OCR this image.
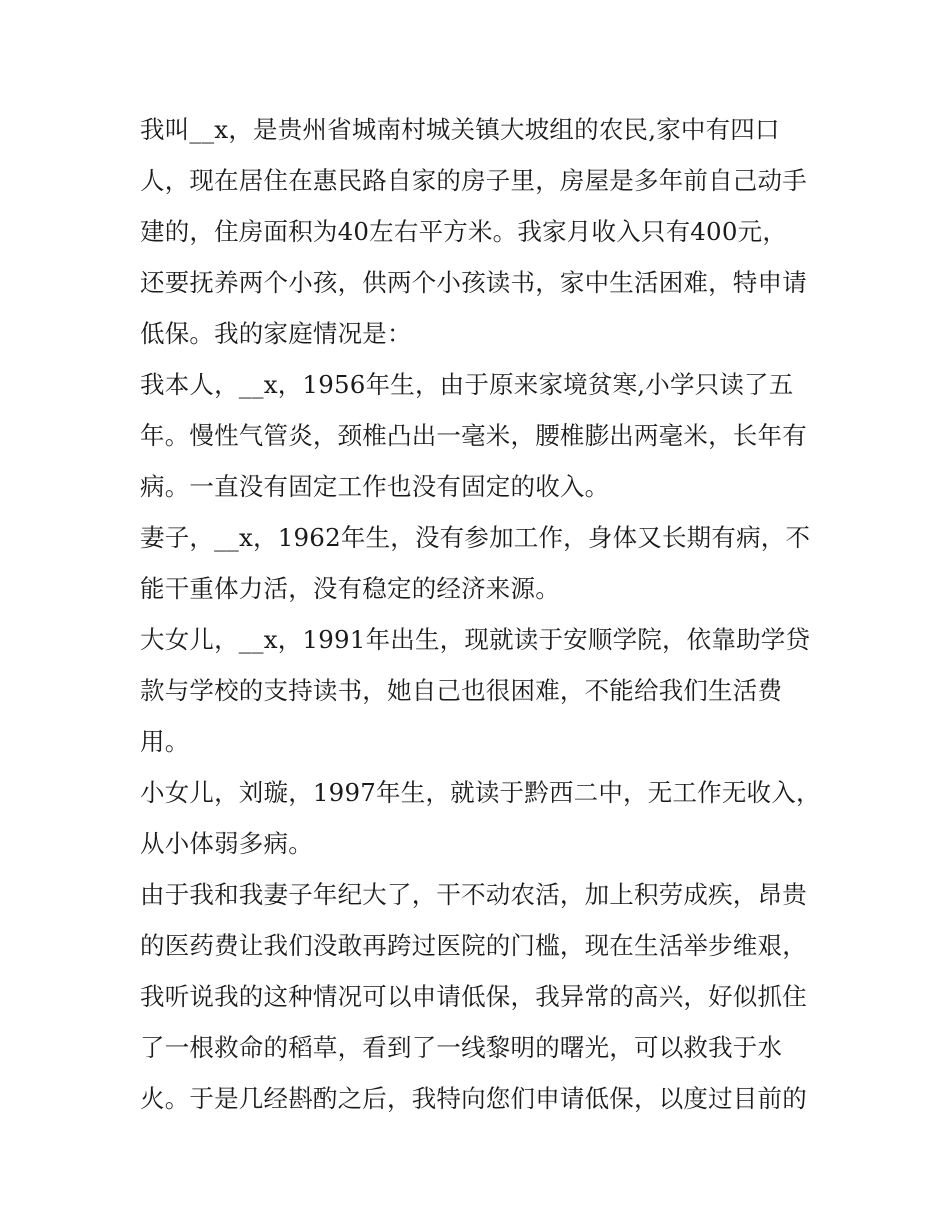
我叫__x，是贵州省城南村城关镇大坡组的农民,家中有四口
人，现在居住在惠民路自家的房子里，房屋是多年前自己动手
建的，住房面积为40左右平方米。我家月收入只有400元，
还要抚养两个小孩，供两个小孩读书，家中生活困难，特申请
低保。我的家庭情况是：
我本人，__x，1956年生，由于原来家境贫寒,小学只读了五
年。慢性气管炎，颈椎凸出一毫米，腰椎膨出两毫米，长年有
病。一直没有固定工作也没有固定的收入。
妻子，__x，1962年生，没有参加工作，身体又长期有病，不
能干重体力活，没有稳定的经济来源。
大女儿，__x，1991年出生，现就读于安顺学院，依靠助学贷
款与学校的支持读书，她自己也很困难，不能给我们生活费
用。
小女儿，刘璇，1997年生，就读于黔西二中，无工作无收入，
从小体弱多病。
由于我和我妻子年纪大了，干不动农活，加上积劳成疾，昂贵
的医药费让我们没敢再跨过医院的门槛，现在生活举步维艰，
我听说我的这种情况可以申请低保，我异常的高兴，好似抓住
了一根救命的稻草，看到了一线黎明的曙光，可以救我于水
火。于是几经斟酌之后，我特向您们申请低保，以度过目前的
